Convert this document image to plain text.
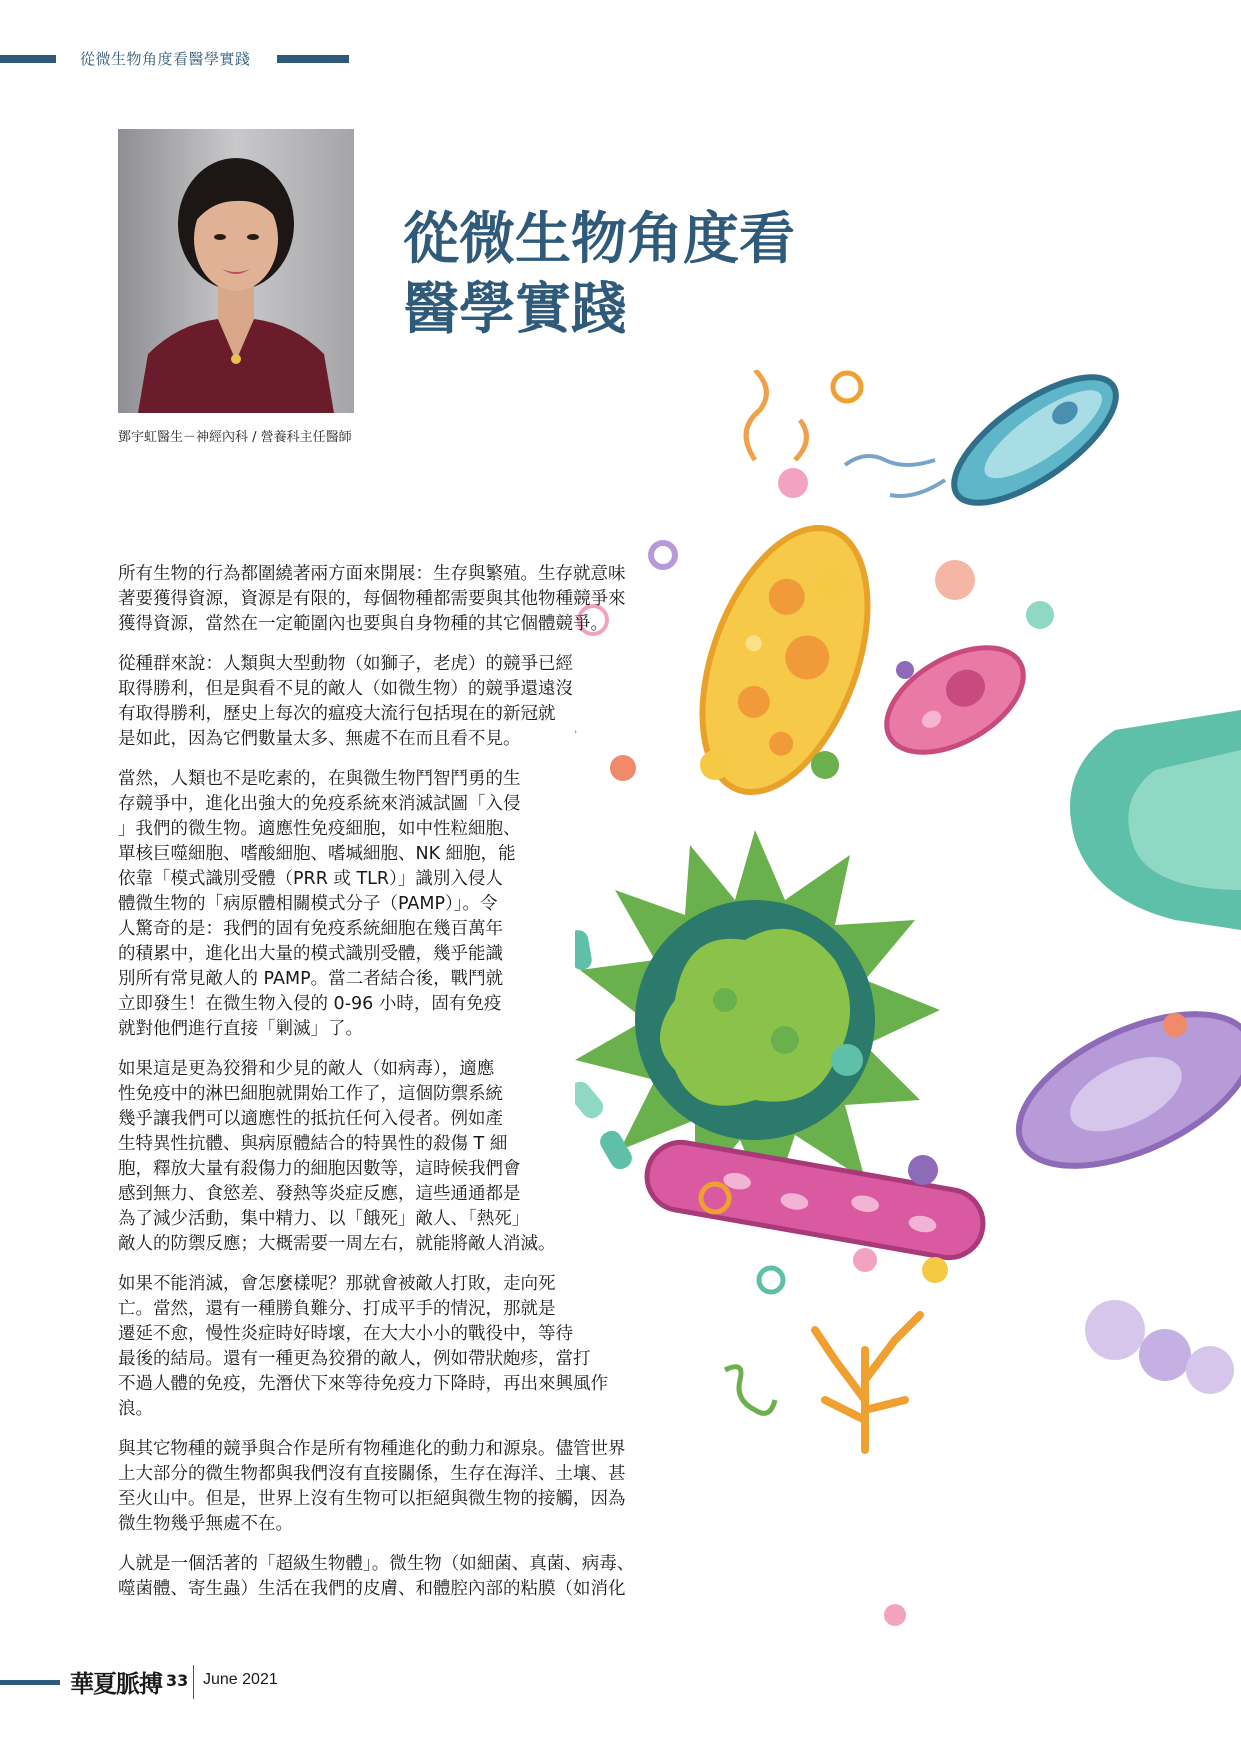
從微生物角度看醫學實踐
鄧宇虹醫生－神經內科 / 營養科主任醫師
從微生物角度看
醫學實踐
所有生物的行為都圍繞著兩方面來開展：生存與繁殖。生存就意味
著要獲得資源，資源是有限的，每個物種都需要與其他物種競爭來
獲得資源，當然在一定範圍內也要與自身物種的其它個體競爭。
從種群來說：人類與大型動物（如獅子，老虎）的競爭已經
取得勝利，但是與看不見的敵人（如微生物）的競爭還遠沒
有取得勝利，歷史上每次的瘟疫大流行包括現在的新冠就
是如此，因為它們數量太多、無處不在而且看不見。
當然，人類也不是吃素的，在與微生物鬥智鬥勇的生
存競爭中，進化出強大的免疫系統來消滅試圖「入侵
」我們的微生物。適應性免疫細胞，如中性粒細胞、
單核巨噬細胞、嗜酸細胞、嗜堿細胞、NK 細胞，能
依靠「模式識別受體（PRR 或 TLR）」識別入侵人
體微生物的「病原體相關模式分子（PAMP）」。令
人驚奇的是：我們的固有免疫系統細胞在幾百萬年
的積累中，進化出大量的模式識別受體，幾乎能識
別所有常見敵人的 PAMP。當二者結合後，戰鬥就
立即發生！在微生物入侵的 0-96 小時，固有免疫
就對他們進行直接「剿滅」了。
如果這是更為狡猾和少見的敵人（如病毒），適應
性免疫中的淋巴細胞就開始工作了，這個防禦系統
幾乎讓我們可以適應性的抵抗任何入侵者。例如產
生特異性抗體、與病原體結合的特異性的殺傷 T 細
胞，釋放大量有殺傷力的細胞因數等，這時候我們會
感到無力、食慾差、發熱等炎症反應，這些通通都是
為了減少活動，集中精力、以「餓死」敵人、「熱死」
敵人的防禦反應；大概需要一周左右，就能將敵人消滅。
如果不能消滅，會怎麼樣呢？那就會被敵人打敗，走向死
亡。當然，還有一種勝負難分、打成平手的情況，那就是
遷延不愈，慢性炎症時好時壞，在大大小小的戰役中，等待
最後的結局。還有一種更為狡猾的敵人，例如帶狀皰疹，當打
不過人體的免疫，先潛伏下來等待免疫力下降時，再出來興風作
浪。
與其它物種的競爭與合作是所有物種進化的動力和源泉。儘管世界
上大部分的微生物都與我們沒有直接關係，生存在海洋、土壤、甚
至火山中。但是，世界上沒有生物可以拒絕與微生物的接觸，因為
微生物幾乎無處不在。
人就是一個活著的「超級生物體」。微生物（如細菌、真菌、病毒、
噬菌體、寄生蟲）生活在我們的皮膚、和體腔內部的粘膜（如消化
華夏脈搏 33 June 2021
